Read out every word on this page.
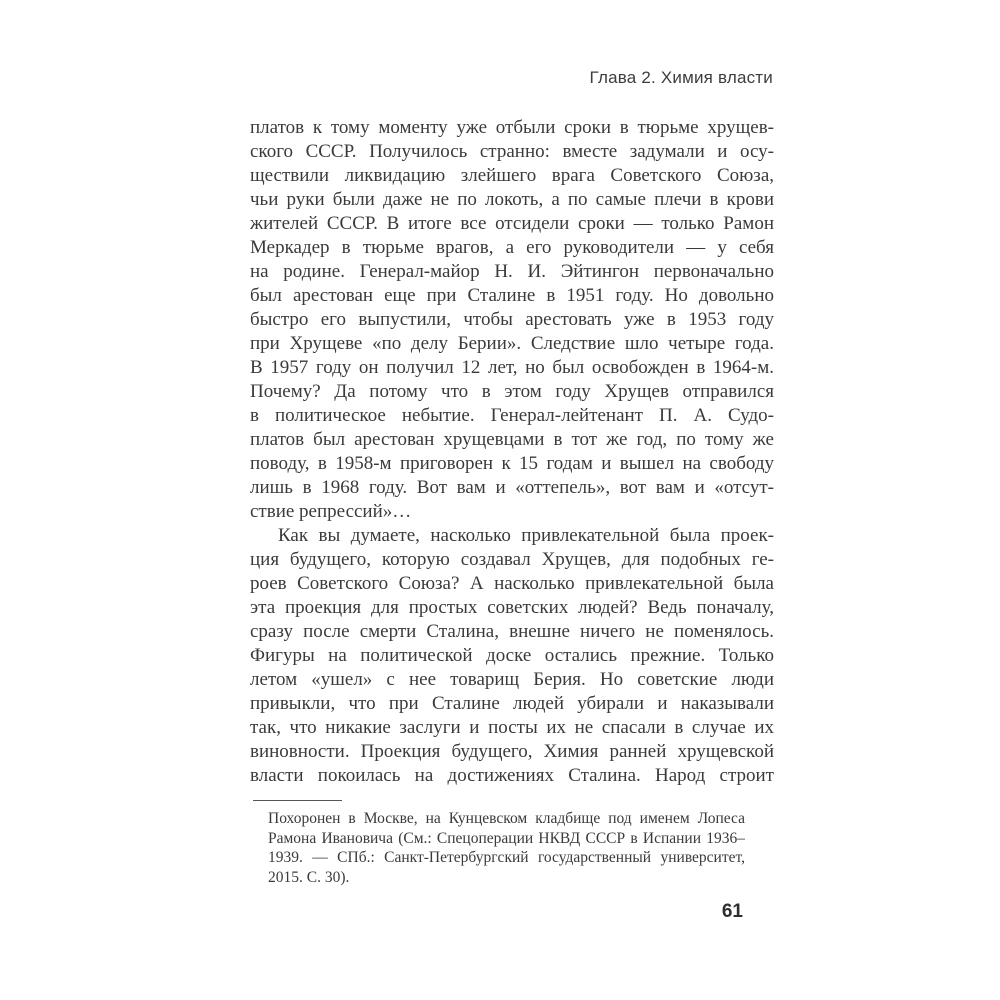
Глава 2. Химия власти
платов к тому моменту уже отбыли сроки в тюрьме хрущев-
ского СССР. Получилось странно: вместе задумали и осу-
ществили ликвидацию злейшего врага Советского Союза,
чьи руки были даже не по локоть, а по самые плечи в крови
жителей СССР. В итоге все отсидели сроки — только Рамон
Меркадер в тюрьме врагов, а его руководители — у себя
на родине. Генерал-майор Н. И. Эйтингон первоначально
был арестован еще при Сталине в 1951 году. Но довольно
быстро его выпустили, чтобы арестовать уже в 1953 году
при Хрущеве «по делу Берии». Следствие шло четыре года.
В 1957 году он получил 12 лет, но был освобожден в 1964-м.
Почему? Да потому что в этом году Хрущев отправился
в политическое небытие. Генерал-лейтенант П. А. Судо-
платов был арестован хрущевцами в тот же год, по тому же
поводу, в 1958-м приговорен к 15 годам и вышел на свободу
лишь в 1968 году. Вот вам и «оттепель», вот вам и «отсут-
ствие репрессий»…
Как вы думаете, насколько привлекательной была проек-
ция будущего, которую создавал Хрущев, для подобных ге-
роев Советского Союза? А насколько привлекательной была
эта проекция для простых советских людей? Ведь поначалу,
сразу после смерти Сталина, внешне ничего не поменялось.
Фигуры на политической доске остались прежние. Только
летом «ушел» с нее товарищ Берия. Но советские люди
привыкли, что при Сталине людей убирали и наказывали
так, что никакие заслуги и посты их не спасали в случае их
виновности. Проекция будущего, Химия ранней хрущевской
власти покоилась на достижениях Сталина. Народ строит
Похоронен в Москве, на Кунцевском кладбище под именем Лопеса
Рамона Ивановича (См.: Спецоперации НКВД СССР в Испании 1936–
1939. — СПб.: Санкт-Петербургский государственный университет,
2015. С. 30).
61
